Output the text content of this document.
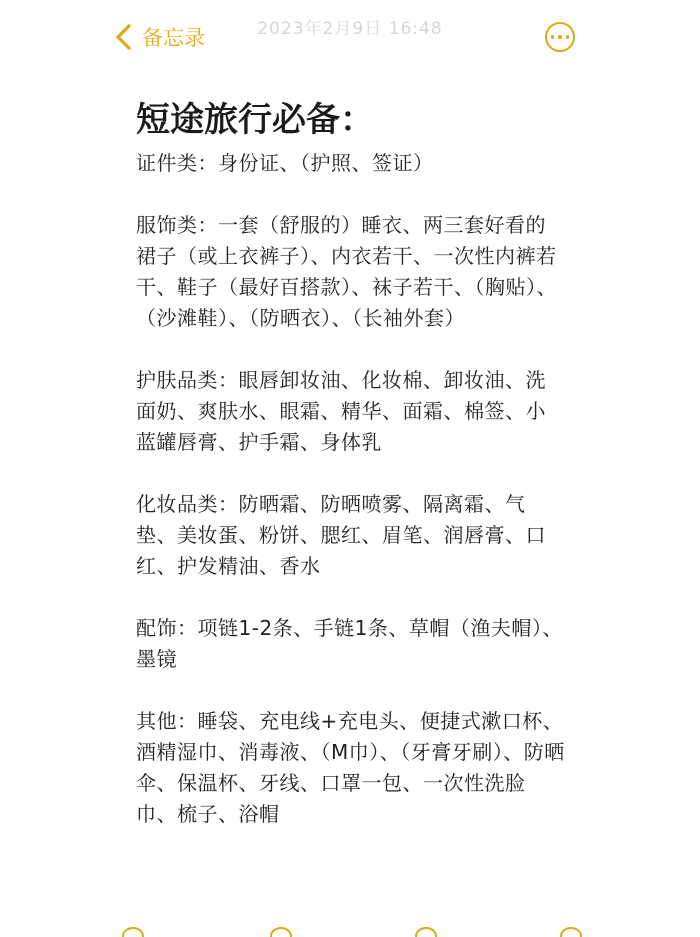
2023年2月9日 16:48
备忘录
短途旅行必备：

证件类：身份证、（护照、签证）

服饰类：一套（舒服的）睡衣、两三套好看的裙子（或上衣裤子）、内衣若干、一次性内裤若干、鞋子（最好百搭款）、袜子若干、（胸贴）、（沙滩鞋）、（防晒衣）、（长袖外套）

护肤品类：眼唇卸妆油、化妆棉、卸妆油、洗面奶、爽肤水、眼霜、精华、面霜、棉签、小蓝罐唇膏、护手霜、身体乳

化妆品类：防晒霜、防晒喷雾、隔离霜、气垫、美妆蛋、粉饼、腮红、眉笔、润唇膏、口红、护发精油、香水

配饰：项链1-2条、手链1条、草帽（渔夫帽）、墨镜

其他：睡袋、充电线+充电头、便捷式漱口杯、酒精湿巾、消毒液、（M巾）、（牙膏牙刷）、防晒伞、保温杯、牙线、口罩一包、一次性洗脸巾、梳子、浴帽
